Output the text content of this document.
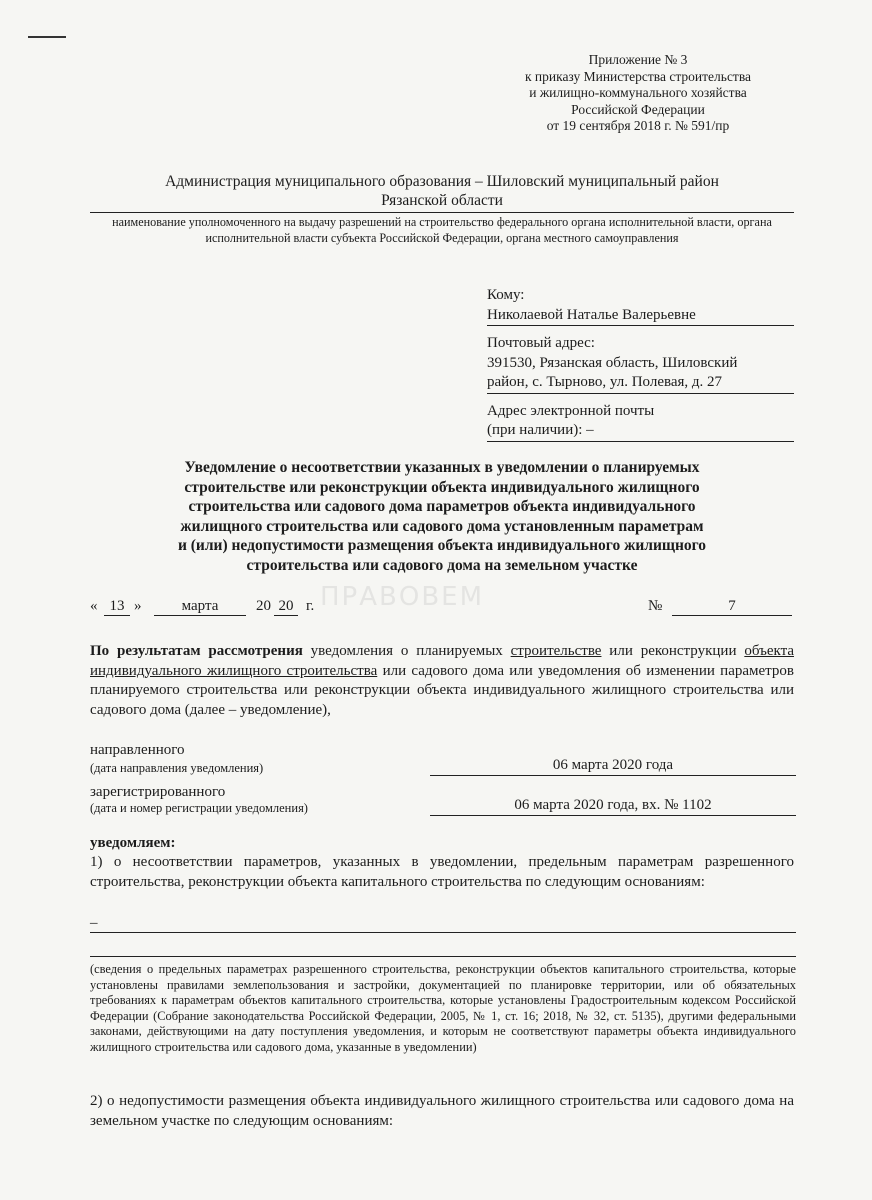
Приложение № 3
к приказу Министерства строительства
и жилищно-коммунального хозяйства
Российской Федерации
от 19 сентября 2018 г. № 591/пр
Администрация муниципального образования – Шиловский муниципальный район
Рязанской области
наименование уполномоченного на выдачу разрешений на строительство федерального органа исполнительной власти, органа исполнительной власти субъекта Российской Федерации, органа местного самоуправления
Кому:
Николаевой Наталье Валерьевне
Почтовый адрес:
391530, Рязанская область, Шиловский
район, с. Тырново, ул. Полевая, д. 27
Адрес электронной почты
(при наличии): –
Уведомление о несоответствии указанных в уведомлении о планируемых
строительстве или реконструкции объекта индивидуального жилищного
строительства или садового дома параметров объекта индивидуального
жилищного строительства или садового дома установленным параметрам
и (или) недопустимости размещения объекта индивидуального жилищного
строительства или садового дома на земельном участке
ПРАВОВЕМ
« 13 »	марта	20 20 г.	№	7
По результатам рассмотрения уведомления о планируемых строительстве или реконструкции объекта индивидуального жилищного строительства или садового дома или уведомления об изменении параметров планируемого строительства или реконструкции объекта индивидуального жилищного строительства или садового дома (далее – уведомление),
направленного
(дата направления уведомления)	06 марта 2020 года
зарегистрированного
(дата и номер регистрации уведомления)	06 марта 2020 года, вх. № 1102
уведомляем:
1) о несоответствии параметров, указанных в уведомлении, предельным параметрам разрешенного строительства, реконструкции объекта капитального строительства по следующим основаниям:
–
(сведения о предельных параметрах разрешенного строительства, реконструкции объектов капитального строительства, которые установлены правилами землепользования и застройки, документацией по планировке территории, или об обязательных требованиях к параметрам объектов капитального строительства, которые установлены Градостроительным кодексом Российской Федерации (Собрание законодательства Российской Федерации, 2005, № 1, ст. 16; 2018, № 32, ст. 5135), другими федеральными законами, действующими на дату поступления уведомления, и которым не соответствуют параметры объекта индивидуального жилищного строительства или садового дома, указанные в уведомлении)
2) о недопустимости размещения объекта индивидуального жилищного строительства или садового дома на земельном участке по следующим основаниям:
